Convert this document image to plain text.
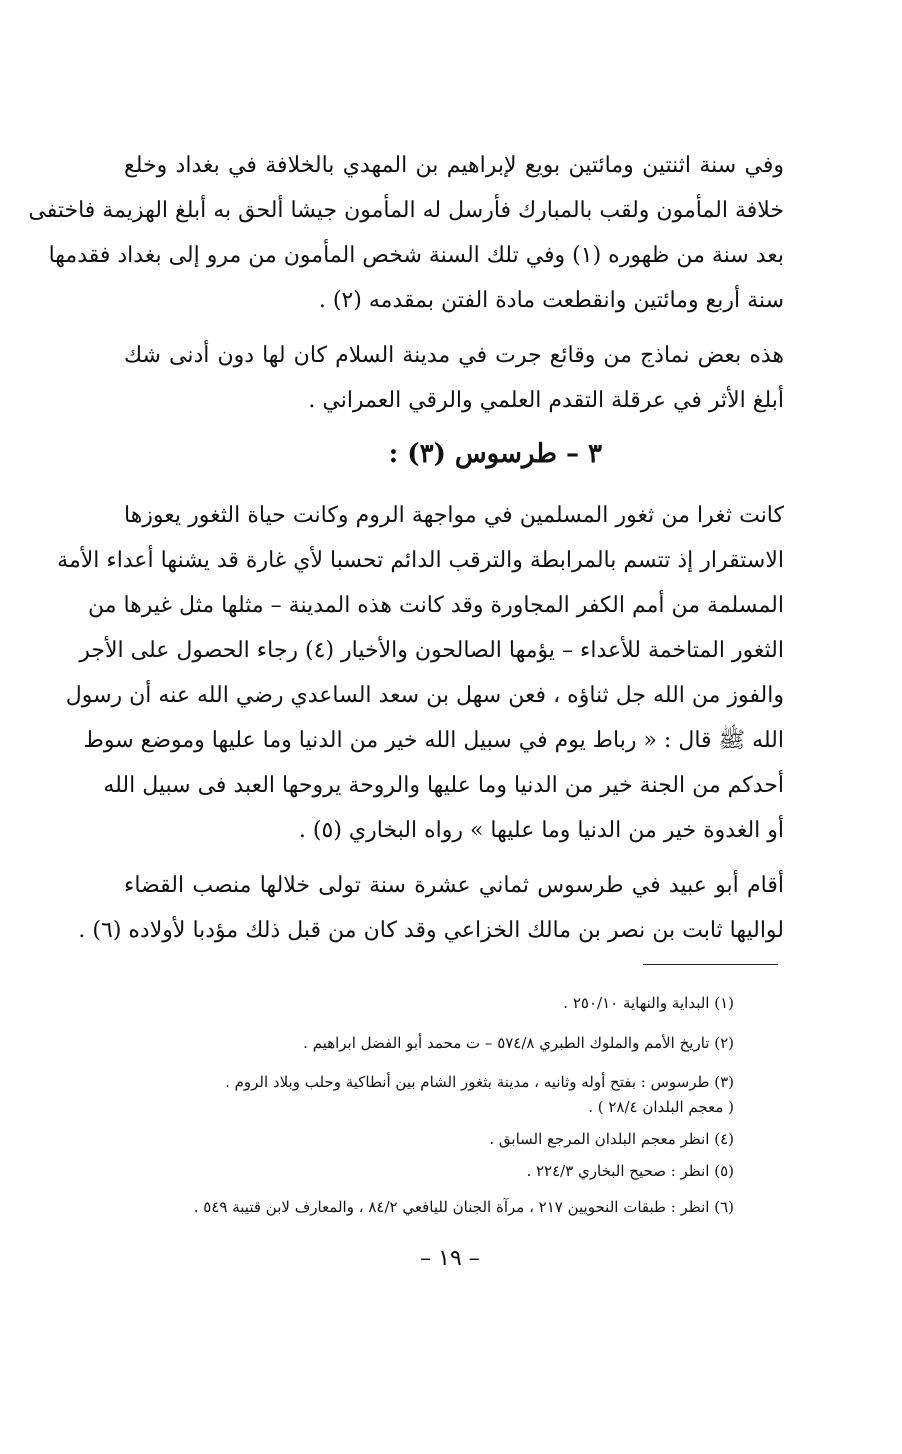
وفي سنة اثنتين ومائتين بويع لإبراهيم بن المهدي بالخلافة في بغداد وخلع
خلافة المأمون ولقب بالمبارك فأرسل له المأمون جيشا ألحق به أبلغ الهزيمة فاختفى
بعد سنة من ظهوره (١) وفي تلك السنة شخص المأمون من مرو إلى بغداد فقدمها
سنة أربع ومائتين وانقطعت مادة الفتن بمقدمه (٢) .
هذه بعض نماذج من وقائع جرت في مدينة السلام كان لها دون أدنى شك
أبلغ الأثر في عرقلة التقدم العلمي والرقي العمراني .
٣ – طرسوس (٣) :
كانت ثغرا من ثغور المسلمين في مواجهة الروم وكانت حياة الثغور يعوزها
الاستقرار إذ تتسم بالمرابطة والترقب الدائم تحسبا لأي غارة قد يشنها أعداء الأمة
المسلمة من أمم الكفر المجاورة وقد كانت هذه المدينة – مثلها مثل غيرها من
الثغور المتاخمة للأعداء – يؤمها الصالحون والأخيار (٤) رجاء الحصول على الأجر
والفوز من الله جل ثناؤه ، فعن سهل بن سعد الساعدي رضي الله عنه أن رسول
الله ﷺ قال : « رباط يوم في سبيل الله خير من الدنيا وما عليها وموضع سوط
أحدكم من الجنة خير من الدنيا وما عليها والروحة يروحها العبد فى سبيل الله
أو الغدوة خير من الدنيا وما عليها » رواه البخاري (٥) .
أقام أبو عبيد في طرسوس ثماني عشرة سنة تولى خلالها منصب القضاء
لواليها ثابت بن نصر بن مالك الخزاعي وقد كان من قبل ذلك مؤدبا لأولاده (٦) .
(١) البداية والنهاية ٢٥٠/١٠ .
(٢) تاريخ الأمم والملوك الطبري ٥٧٤/٨ – ت محمد أبو الفضل ابراهيم .
(٣) طرسوس : بفتح أوله وثانيه ، مدينة بثغور الشام بين أنطاكية وحلب وبلاد الروم .
( معجم البلدان ٢٨/٤ ) .
(٤) انظر معجم البلدان المرجع السابق .
(٥) انظر : صحيح البخاري ٢٢٤/٣ .
(٦) انظر : طبقات النحويين ٢١٧ ، مرآة الجنان لليافعي ٨٤/٢ ، والمعارف لابن قتيبة ٥٤٩ .
– ١٩ –
